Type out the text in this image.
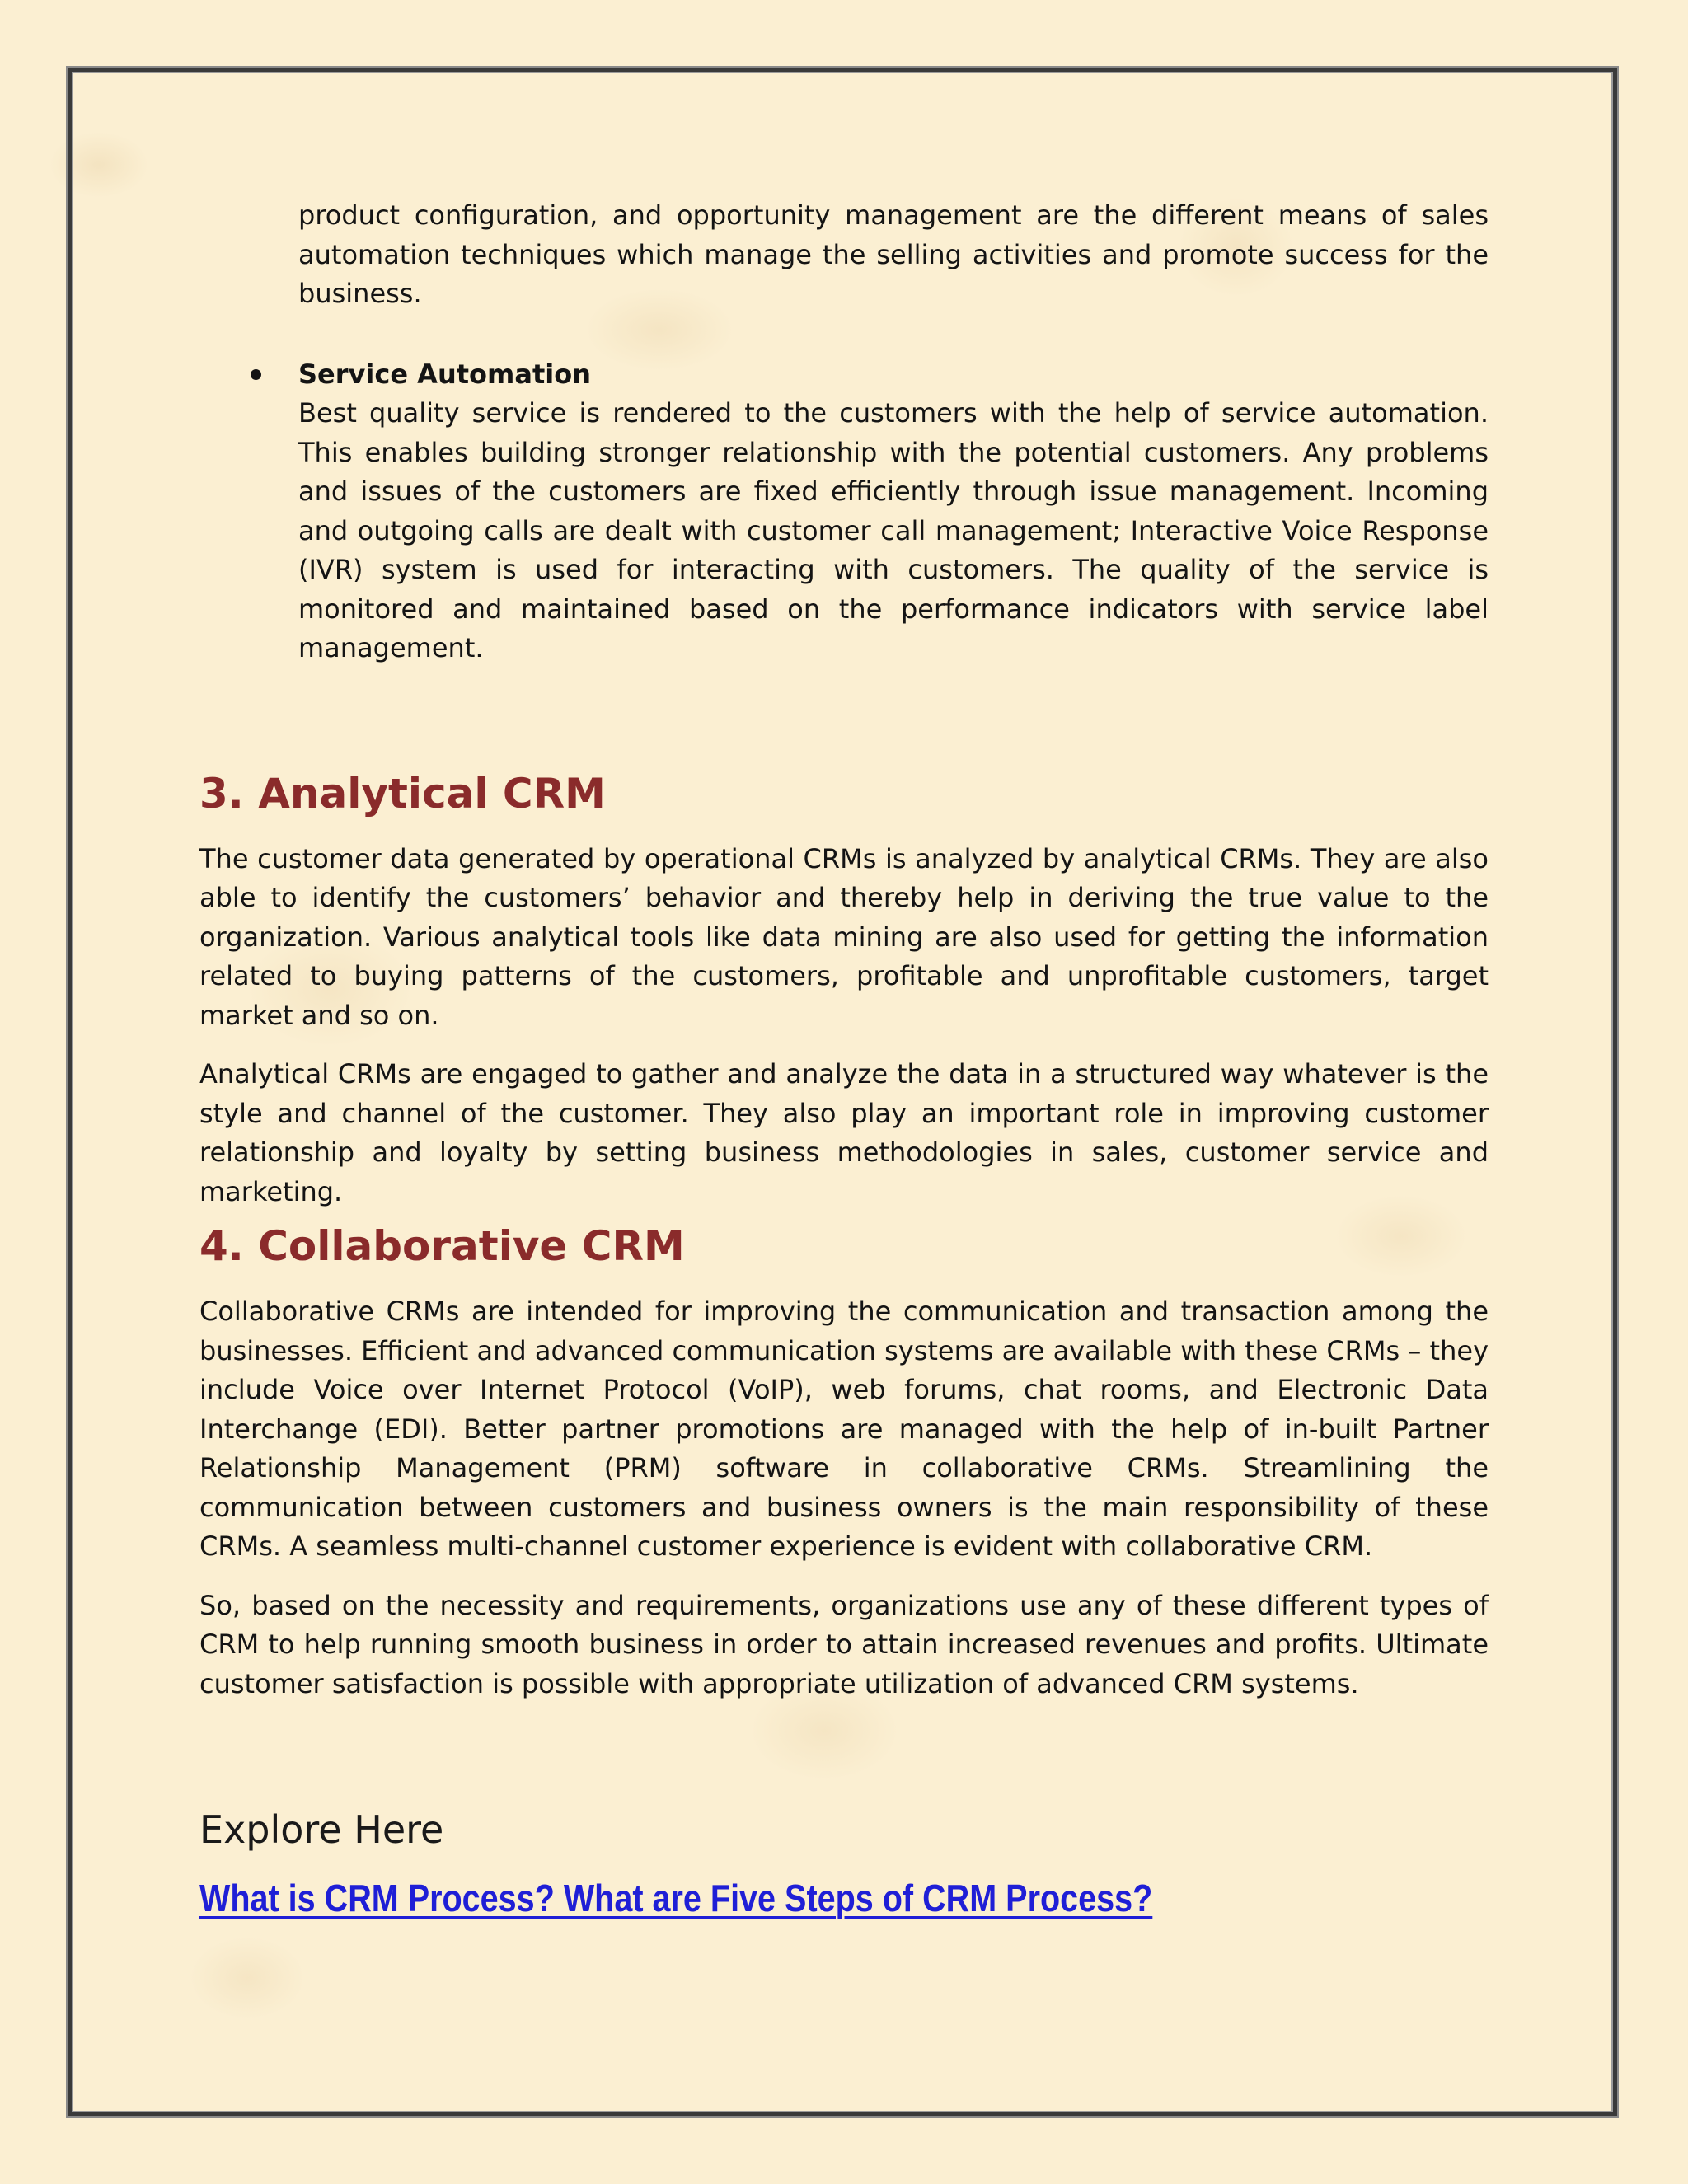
product configuration, and opportunity management are the different means of sales automation techniques which manage the selling activities and promote success for the business.

Service Automation

Best quality service is rendered to the customers with the help of service automation. This enables building stronger relationship with the potential customers. Any problems and issues of the customers are fixed efficiently through issue management. Incoming and outgoing calls are dealt with customer call management; Interactive Voice Response (IVR) system is used for interacting with customers. The quality of the service is monitored and maintained based on the performance indicators with service label management.

3. Analytical CRM

The customer data generated by operational CRMs is analyzed by analytical CRMs. They are also able to identify the customers’ behavior and thereby help in deriving the true value to the organization. Various analytical tools like data mining are also used for getting the information related to buying patterns of the customers, profitable and unprofitable customers, target market and so on.

Analytical CRMs are engaged to gather and analyze the data in a structured way whatever is the style and channel of the customer. They also play an important role in improving customer relationship and loyalty by setting business methodologies in sales, customer service and marketing.

4. Collaborative CRM

Collaborative CRMs are intended for improving the communication and transaction among the businesses. Efficient and advanced communication systems are available with these CRMs – they include Voice over Internet Protocol (VoIP), web forums, chat rooms, and Electronic Data Interchange (EDI). Better partner promotions are managed with the help of in-built Partner Relationship Management (PRM) software in collaborative CRMs. Streamlining the communication between customers and business owners is the main responsibility of these CRMs. A seamless multi-channel customer experience is evident with collaborative CRM.

So, based on the necessity and requirements, organizations use any of these different types of CRM to help running smooth business in order to attain increased revenues and profits. Ultimate customer satisfaction is possible with appropriate utilization of advanced CRM systems.

Explore Here
What is CRM Process? What are Five Steps of CRM Process?
